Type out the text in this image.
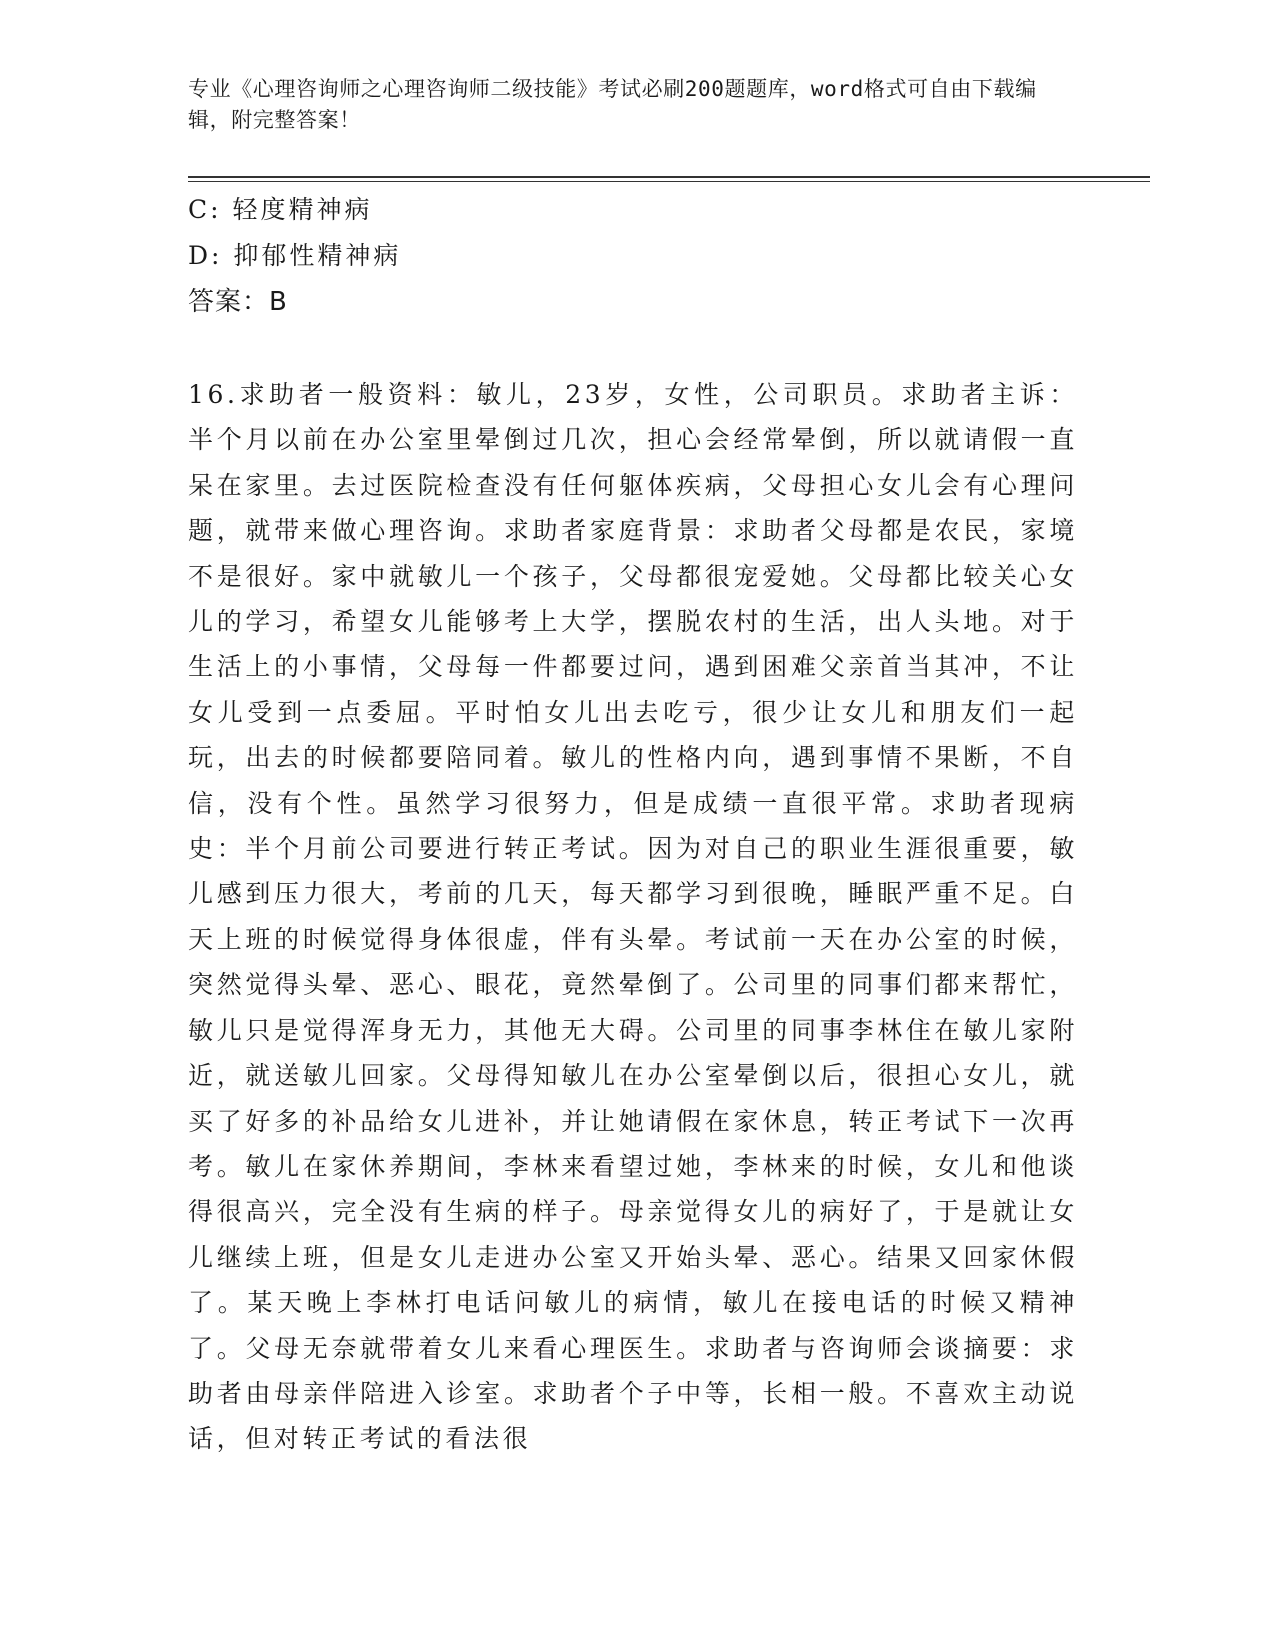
专业《心理咨询师之心理咨询师二级技能》考试必刷200题题库，word格式可自由下载编辑，附完整答案！
C: 轻度精神病
D: 抑郁性精神病
答案：B
16.求助者一般资料：敏儿，23岁，女性，公司职员。求助者主诉：半个月以前在办公室里晕倒过几次，担心会经常晕倒，所以就请假一直呆在家里。去过医院检查没有任何躯体疾病，父母担心女儿会有心理问题，就带来做心理咨询。求助者家庭背景：求助者父母都是农民，家境不是很好。家中就敏儿一个孩子，父母都很宠爱她。父母都比较关心女儿的学习，希望女儿能够考上大学，摆脱农村的生活，出人头地。对于生活上的小事情，父母每一件都要过问，遇到困难父亲首当其冲，不让女儿受到一点委屈。平时怕女儿出去吃亏，很少让女儿和朋友们一起玩，出去的时候都要陪同着。敏儿的性格内向，遇到事情不果断，不自信，没有个性。虽然学习很努力，但是成绩一直很平常。求助者现病史：半个月前公司要进行转正考试。因为对自己的职业生涯很重要，敏儿感到压力很大，考前的几天，每天都学习到很晚，睡眠严重不足。白天上班的时候觉得身体很虚，伴有头晕。考试前一天在办公室的时候，突然觉得头晕、恶心、眼花，竟然晕倒了。公司里的同事们都来帮忙，敏儿只是觉得浑身无力，其他无大碍。公司里的同事李林住在敏儿家附近，就送敏儿回家。父母得知敏儿在办公室晕倒以后，很担心女儿，就买了好多的补品给女儿进补，并让她请假在家休息，转正考试下一次再考。敏儿在家休养期间，李林来看望过她，李林来的时候，女儿和他谈得很高兴，完全没有生病的样子。母亲觉得女儿的病好了，于是就让女儿继续上班，但是女儿走进办公室又开始头晕、恶心。结果又回家休假了。某天晚上李林打电话问敏儿的病情，敏儿在接电话的时候又精神了。父母无奈就带着女儿来看心理医生。求助者与咨询师会谈摘要：求助者由母亲伴陪进入诊室。求助者个子中等，长相一般。不喜欢主动说话，但对转正考试的看法很
